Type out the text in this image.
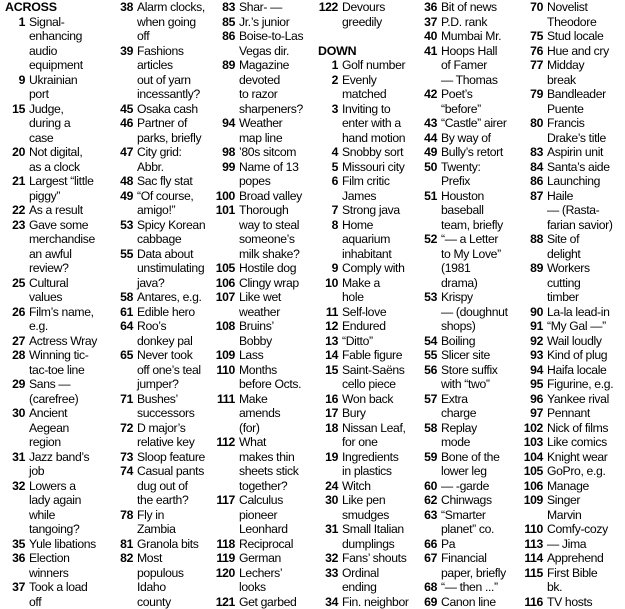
ACROSS
1 Signal-
enhancing
audio
equipment
9 Ukrainian
port
15 Judge,
during a
case
20 Not digital,
as a clock
21 Largest “little
piggy”
22 As a result
23 Gave some
merchandise
an awful
review?
25 Cultural
values
26 Film’s name,
e.g.
27 Actress Wray
28 Winning tic-
tac-toe line
29 Sans —
(carefree)
30 Ancient
Aegean
region
31 Jazz band’s
job
32 Lowers a
lady again
while
tangoing?
35 Yule libations
36 Election
winners
37 Took a load
off
38 Alarm clocks,
when going
off
39 Fashions
articles
out of yarn
incessantly?
45 Osaka cash
46 Partner of
parks, briefly
47 City grid:
Abbr.
48 Sac fly stat
49 “Of course,
amigo!”
53 Spicy Korean
cabbage
55 Data about
unstimulating
java?
58 Antares, e.g.
61 Edible hero
64 Roo’s
donkey pal
65 Never took
off one’s teal
jumper?
71 Bushes’
successors
72 D major’s
relative key
73 Sloop feature
74 Casual pants
dug out of
the earth?
78 Fly in
Zambia
81 Granola bits
82 Most
populous
Idaho
county
83 Shar- —
85 Jr.’s junior
86 Boise-to-Las
Vegas dir.
89 Magazine
devoted
to razor
sharpeners?
94 Weather
map line
98 ’80s sitcom
99 Name of 13
popes
100 Broad valley
101 Thorough
way to steal
someone’s
milk shake?
105 Hostile dog
106 Clingy wrap
107 Like wet
weather
108 Bruins’
Bobby
109 Lass
110 Months
before Octs.
111 Make
amends
(for)
112 What
makes thin
sheets stick
together?
117 Calculus
pioneer
Leonhard
118 Reciprocal
119 German
120 Lechers’
looks
121 Get garbed
122 Devours
greedily
DOWN
1 Golf number
2 Evenly
matched
3 Inviting to
enter with a
hand motion
4 Snobby sort
5 Missouri city
6 Film critic
James
7 Strong java
8 Home
aquarium
inhabitant
9 Comply with
10 Make a
hole
11 Self-love
12 Endured
13 “Ditto”
14 Fable figure
15 Saint-Saëns
cello piece
16 Won back
17 Bury
18 Nissan Leaf,
for one
19 Ingredients
in plastics
24 Witch
30 Like pen
smudges
31 Small Italian
dumplings
32 Fans’ shouts
33 Ordinal
ending
34 Fin. neighbor
36 Bit of news
37 P.D. rank
40 Mumbai Mr.
41 Hoops Hall
of Famer
— Thomas
42 Poet’s
“before”
43 “Castle” airer
44 By way of
49 Bully’s retort
50 Twenty:
Prefix
51 Houston
baseball
team, briefly
52 “— a Letter
to My Love”
(1981
drama)
53 Krispy
— (doughnut
shops)
54 Boiling
55 Slicer site
56 Store suffix
with “two”
57 Extra
charge
58 Replay
mode
59 Bone of the
lower leg
60 — -garde
62 Chinwags
63 “Smarter
planet” co.
66 Pa
67 Financial
paper, briefly
68 “— then ...”
69 Canon line
70 Novelist
Theodore
75 Stud locale
76 Hue and cry
77 Midday
break
79 Bandleader
Puente
80 Francis
Drake’s title
83 Aspirin unit
84 Santa’s aide
86 Launching
87 Haile
— (Rasta-
farian savior)
88 Site of
delight
89 Workers
cutting
timber
90 La-la lead-in
91 “My Gal —”
92 Wail loudly
93 Kind of plug
94 Haifa locale
95 Figurine, e.g.
96 Yankee rival
97 Pennant
102 Nick of films
103 Like comics
104 Knight wear
105 GoPro, e.g.
106 Manage
109 Singer
Marvin
110 Comfy-cozy
113 — Jima
114 Apprehend
115 First Bible
bk.
116 TV hosts
